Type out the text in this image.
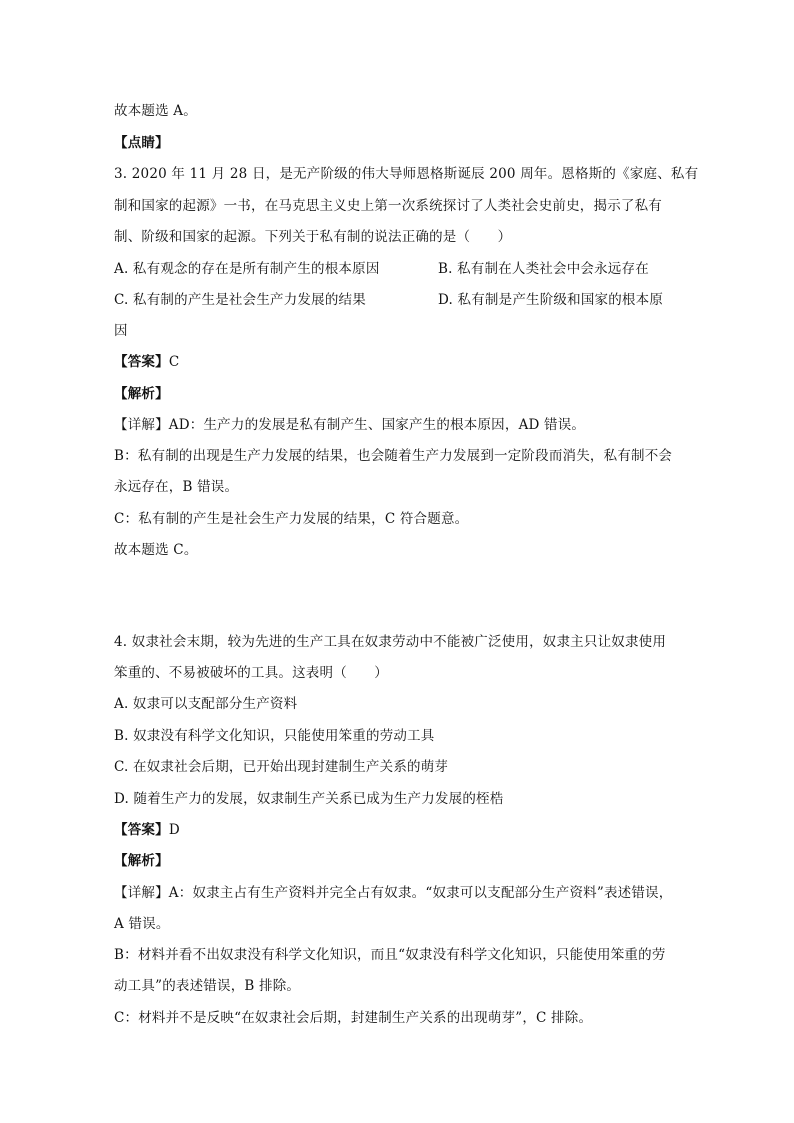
故本题选 A。
【点睛】
3. 2020 年 11 月 28 日，是无产阶级的伟大导师恩格斯诞辰 200 周年。恩格斯的《家庭、私有
制和国家的起源》一书，在马克思主义史上第一次系统探讨了人类社会史前史，揭示了私有
制、阶级和国家的起源。下列关于私有制的说法正确的是（　　）
A. 私有观念的存在是所有制产生的根本原因	B. 私有制在人类社会中会永远存在
C. 私有制的产生是社会生产力发展的结果	D. 私有制是产生阶级和国家的根本原
因
【答案】C
【解析】
【详解】AD：生产力的发展是私有制产生、国家产生的根本原因，AD 错误。
B：私有制的出现是生产力发展的结果，也会随着生产力发展到一定阶段而消失，私有制不会
永远存在，B 错误。
C：私有制的产生是社会生产力发展的结果，C 符合题意。
故本题选 C。
4. 奴隶社会末期，较为先进的生产工具在奴隶劳动中不能被广泛使用，奴隶主只让奴隶使用
笨重的、不易被破坏的工具。这表明（　　）
A. 奴隶可以支配部分生产资料
B. 奴隶没有科学文化知识，只能使用笨重的劳动工具
C. 在奴隶社会后期，已开始出现封建制生产关系的萌芽
D. 随着生产力的发展，奴隶制生产关系已成为生产力发展的桎梏
【答案】D
【解析】
【详解】A：奴隶主占有生产资料并完全占有奴隶。“奴隶可以支配部分生产资料”表述错误，
A 错误。
B：材料并看不出奴隶没有科学文化知识，而且“奴隶没有科学文化知识，只能使用笨重的劳
动工具”的表述错误，B 排除。
C：材料并不是反映“在奴隶社会后期，封建制生产关系的出现萌芽”，C 排除。
